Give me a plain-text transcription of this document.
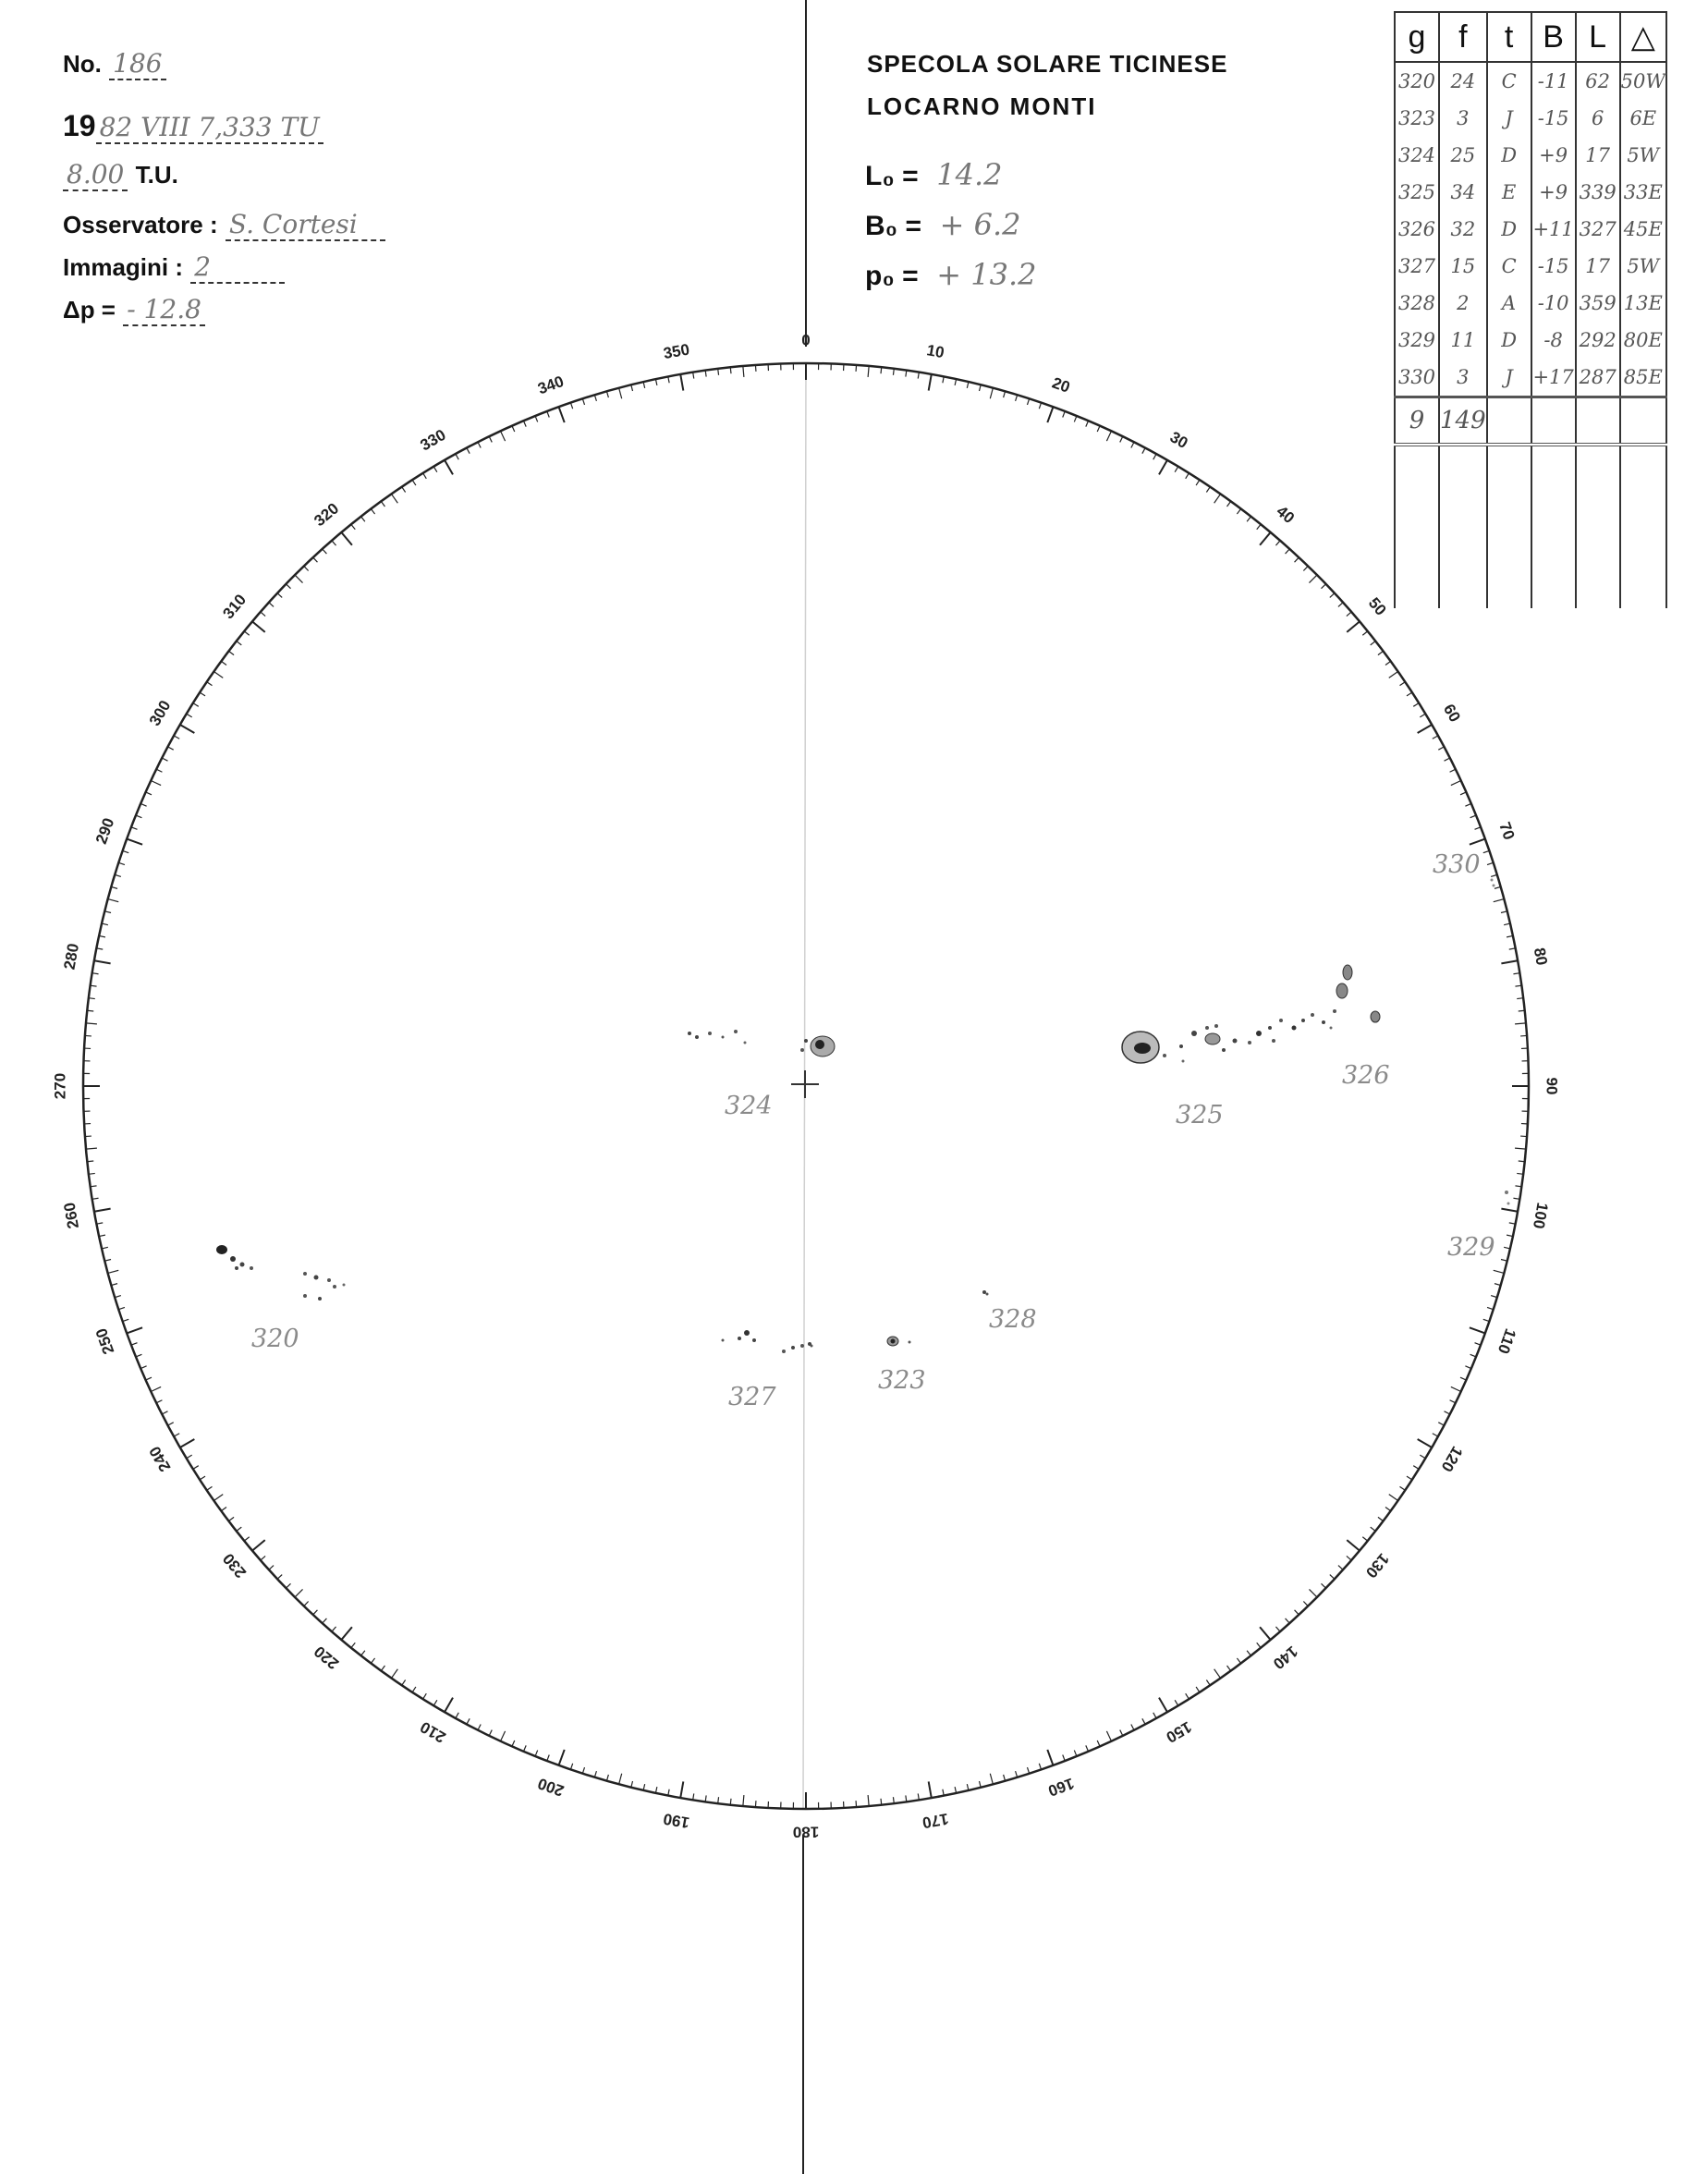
No. 186
19 82 VIII 7,333 TU
8.00 T.U.
Osservatore : S. Cortesi
Immagini : 2
Δp = - 12.8
SPECOLA SOLARE TICINESE
LOCARNO MONTI
L₀ = 14.2
B₀ = + 6.2
p₀ = + 13.2
g	f	t	B	L	△
320	24	C	-11	62	50W
323	3	J	-15	6	6E
324	25	D	+9	17	5W
325	34	E	+9	339	33E
326	32	D	+11	327	45E
327	15	C	-15	17	5W
328	2	A	-10	359	13E
329	11	D	-8	292	80E
330	3	J	+17	287	85E
9	149				

0
10
20
30
40
50
60
70
80
90
100
110
120
130
140
150
160
170
180
190
200
210
220
230
240
250
260
270
280
290
300
310
320
330
340
350
320
323
324	325
326
327
328
329
330
